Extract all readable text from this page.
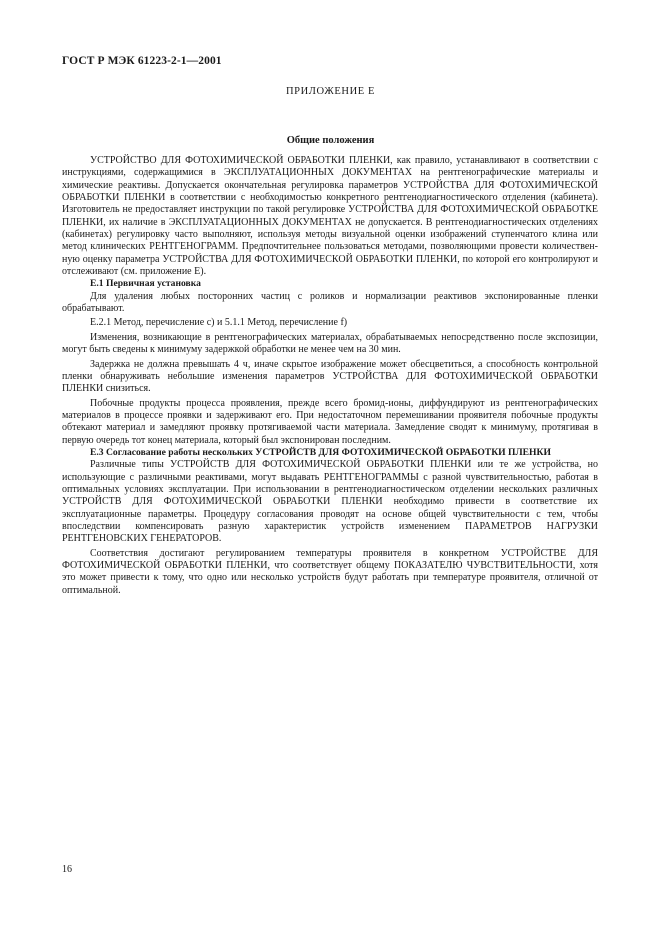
ГОСТ Р МЭК 61223-2-1—2001
ПРИЛОЖЕНИЕ Е
Общие положения

УСТРОЙСТВО ДЛЯ ФОТОХИМИЧЕСКОЙ ОБРАБОТКИ ПЛЕНКИ, как правило, устанавливают в соответствии с инструкциями, содержащимися в ЭКСПЛУАТАЦИОННЫХ ДОКУМЕНТАХ на рентгенографические материалы и химические реактивы. Допускается окончательная регулировка параметров УСТРОЙСТВА ДЛЯ ФОТОХИМИЧЕСКОЙ ОБРАБОТКИ ПЛЕНКИ в соответствии с необходимостью конкретного рентгенодиагностического отделения (кабинета). Изготовитель не предоставляет инструкции по такой регулировке УСТРОЙСТВА ДЛЯ ФОТОХИМИЧЕСКОЙ ОБРАБОТКЕ ПЛЕНКИ, их наличие в ЭКСПЛУАТАЦИОННЫХ ДОКУМЕНТАХ не допускается. В рентгенодиагностических отделениях (кабинетах) регулировку часто выполняют, используя методы визуальной оценки изображений ступенчатого клина или метод клинических РЕНТГЕНОГРАММ. Предпочтительнее пользоваться методами, позволяющими провести количественную оценку параметра УСТРОЙСТВА ДЛЯ ФОТОХИМИЧЕСКОЙ ОБРАБОТКИ ПЛЕНКИ, по которой его контролируют и отслеживают (см. приложение Е).

Е.1 Первичная установка

Для удаления любых посторонних частиц с роликов и нормализации реактивов экспонированные пленки обрабатывают.

Е.2.1 Метод, перечисление с) и 5.1.1 Метод, перечисление f)

Изменения, возникающие в рентгенографических материалах, обрабатываемых непосредственно после экспозиции, могут быть сведены к минимуму задержкой обработки не менее чем на 30 мин.

Задержка не должна превышать 4 ч, иначе скрытое изображение может обесцветиться, а способность контрольной пленки обнаруживать небольшие изменения параметров УСТРОЙСТВА ДЛЯ ФОТОХИМИЧЕСКОЙ ОБРАБОТКИ ПЛЕНКИ снизиться.

Побочные продукты процесса проявления, прежде всего бромид-ионы, диффундируют из рентгенографических материалов в процессе проявки и задерживают его. При недостаточном перемешивании проявителя побочные продукты обтекают материал и замедляют проявку протягиваемой части материала. Замедление сводят к минимуму, протягивая в первую очередь тот конец материала, который был экспонирован последним.

Е.3 Согласование работы нескольких УСТРОЙСТВ ДЛЯ ФОТОХИМИЧЕСКОЙ ОБРАБОТКИ ПЛЕНКИ

Различные типы УСТРОЙСТВ ДЛЯ ФОТОХИМИЧЕСКОЙ ОБРАБОТКИ ПЛЕНКИ или те же устройства, но использующие с различными реактивами, могут выдавать РЕНТГЕНОГРАММЫ с разной чувствительностью, работая в оптимальных условиях эксплуатации. При использовании в рентгенодиагностическом отделении нескольких различных УСТРОЙСТВ ДЛЯ ФОТОХИМИЧЕСКОЙ ОБРАБОТКИ ПЛЕНКИ необходимо привести в соответствие их эксплуатационные параметры. Процедуру согласования проводят на основе общей чувствительности с тем, чтобы впоследствии компенсировать разную характеристик устройств изменением ПАРАМЕТРОВ НАГРУЗКИ РЕНТГЕНОВСКИХ ГЕНЕРАТОРОВ.

Соответствия достигают регулированием температуры проявителя в конкретном УСТРОЙСТВЕ ДЛЯ ФОТОХИМИЧЕСКОЙ ОБРАБОТКИ ПЛЕНКИ, что соответствует общему ПОКАЗАТЕЛЮ ЧУВСТВИТЕЛЬНОСТИ, хотя это может привести к тому, что одно или несколько устройств будут работать при температуре проявителя, отличной от оптимальной.

16
